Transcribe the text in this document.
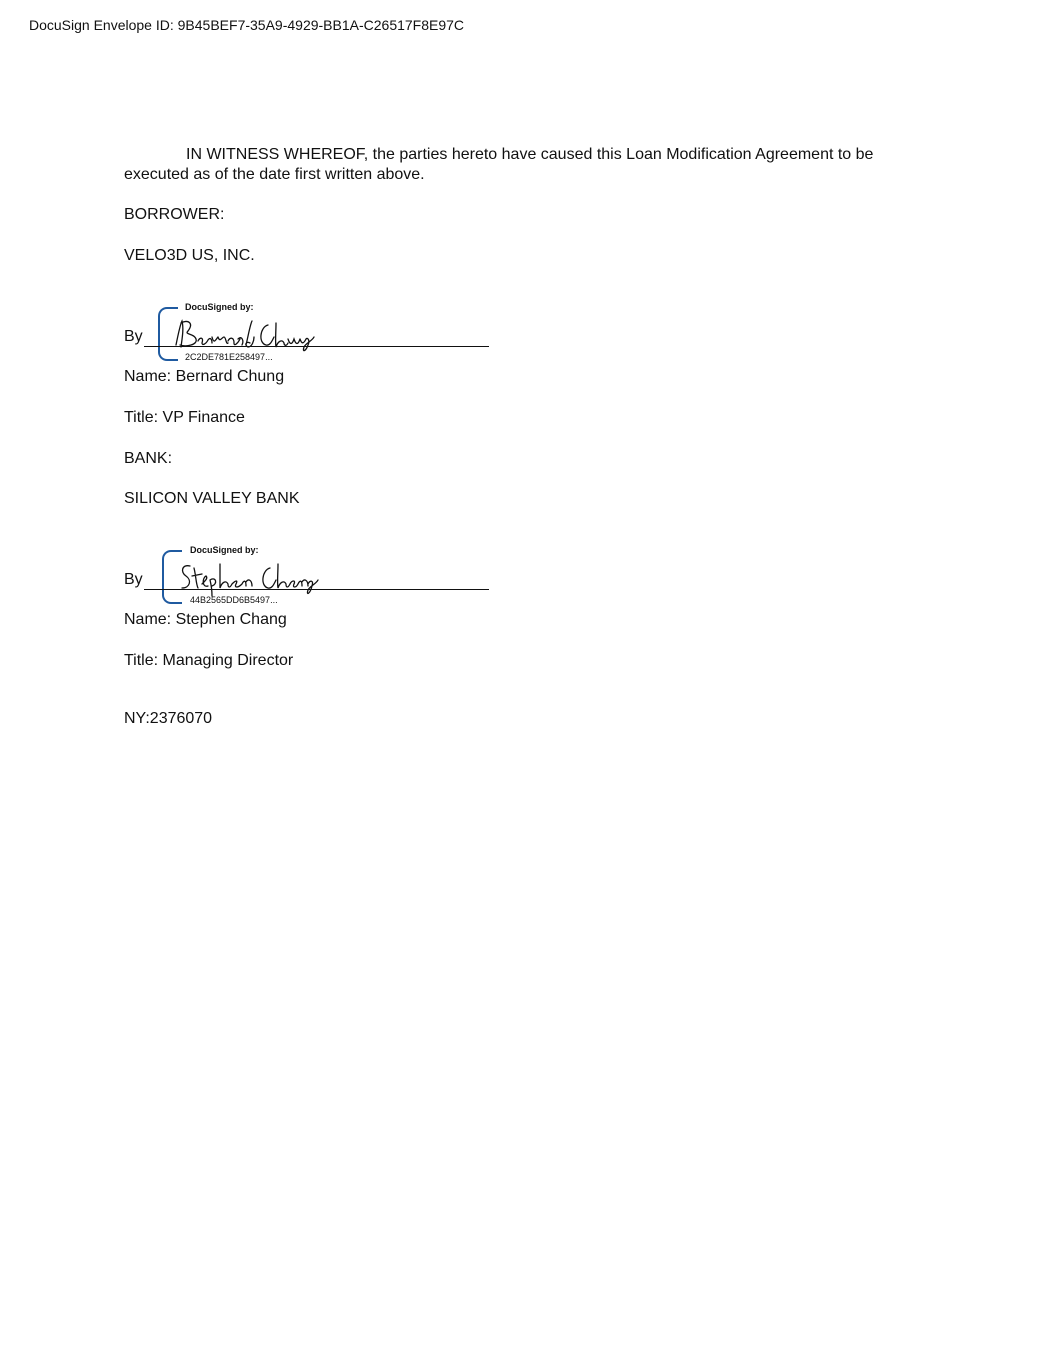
DocuSign Envelope ID: 9B45BEF7-35A9-4929-BB1A-C26517F8E97C
IN WITNESS WHEREOF, the parties hereto have caused this Loan Modification Agreement to be executed as of the date first written above.
BORROWER:
VELO3D US, INC.
By
DocuSigned by:
2C2DE781E258497...
Name: Bernard Chung
Title: VP Finance
BANK:
SILICON VALLEY BANK
By
DocuSigned by:
44B2565DD6B5497...
Name: Stephen Chang
Title: Managing Director
NY:2376070
